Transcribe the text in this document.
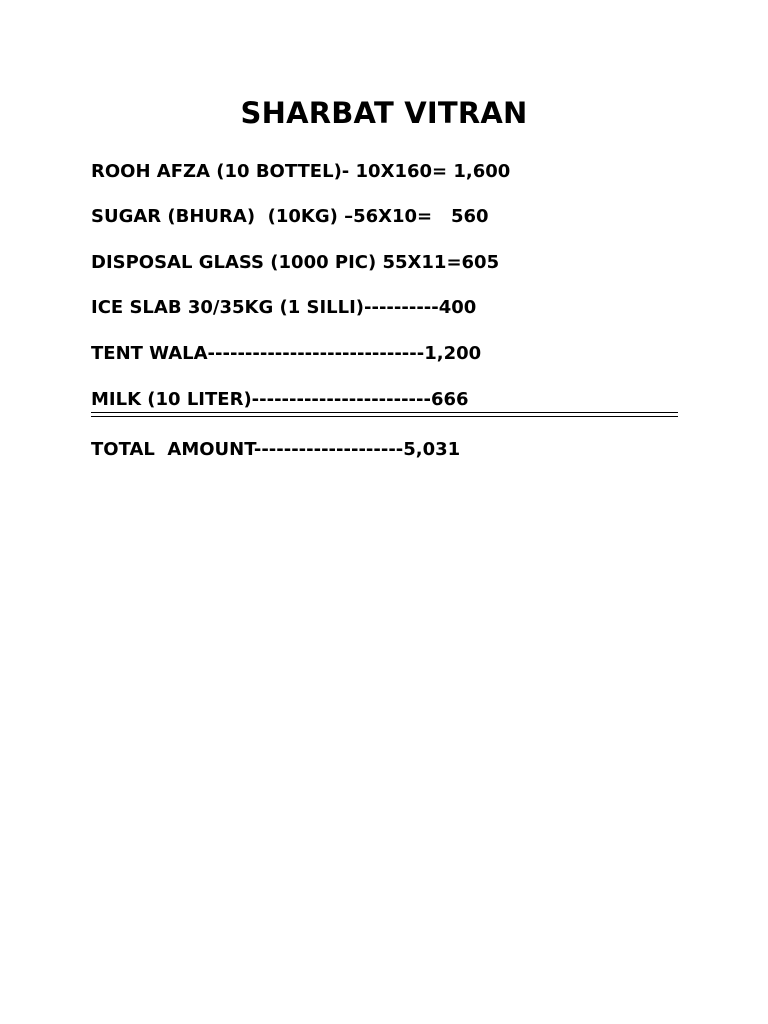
SHARBAT VITRAN
ROOH AFZA (10 BOTTEL)- 10X160= 1,600
SUGAR (BHURA)  (10KG) –56X10=   560
DISPOSAL GLASS (1000 PIC) 55X11=605
ICE SLAB 30/35KG (1 SILLI)----------400
TENT WALA-----------------------------1,200
MILK (10 LITER)------------------------666
TOTAL  AMOUNT--------------------5,031
